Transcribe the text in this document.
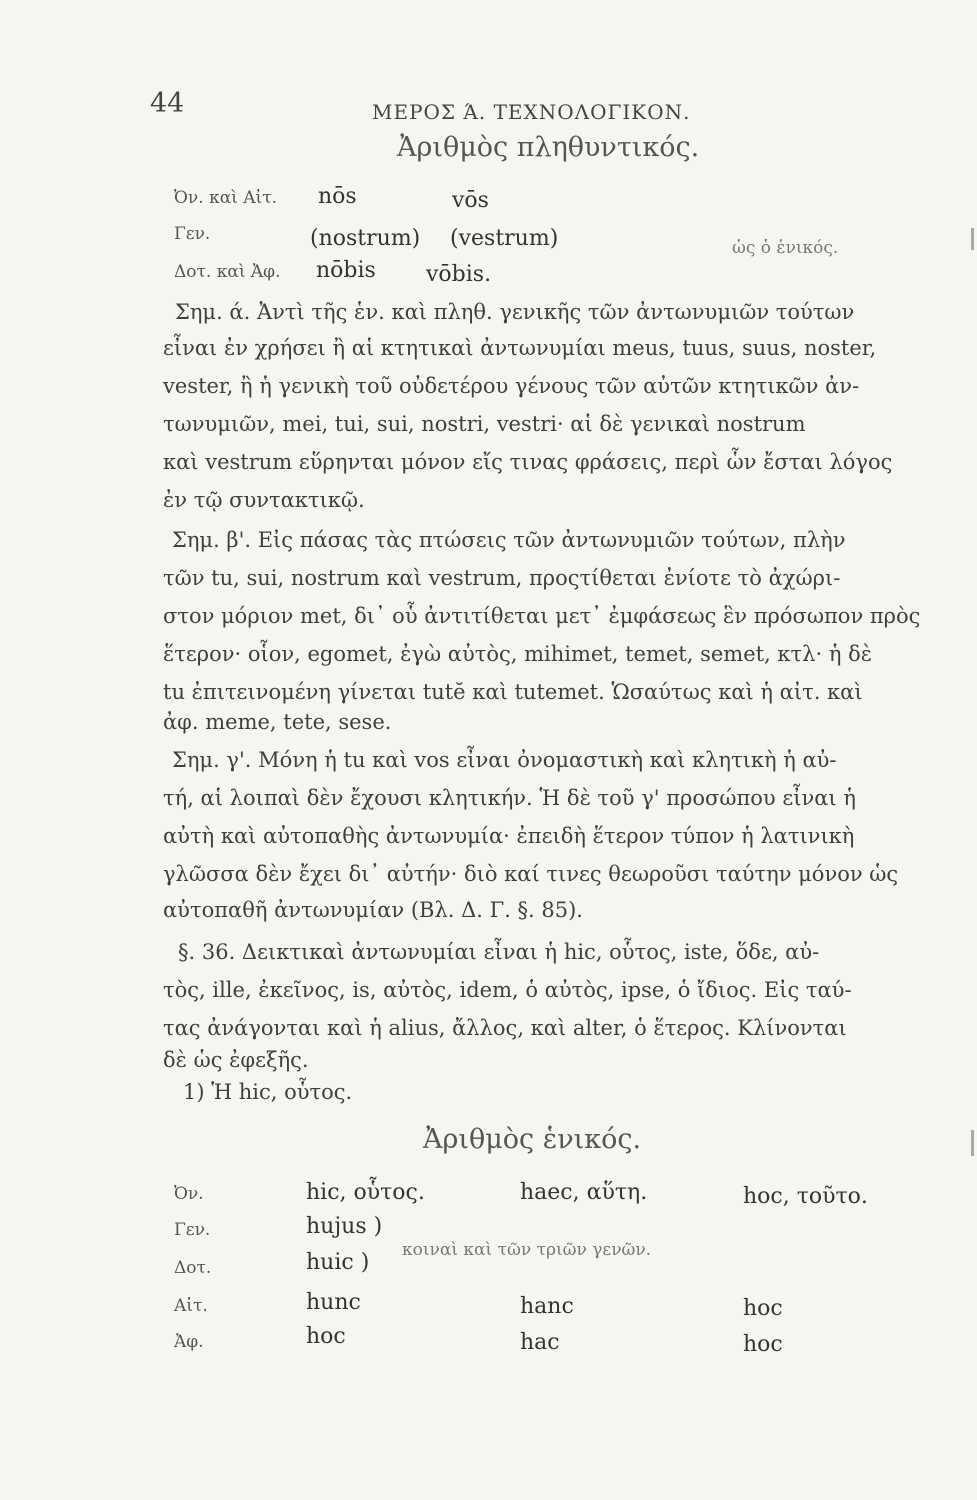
44	ΜΕΡΟΣ Ά. ΤΕΧΝΟΛΟΓΙΚΟΝ.
Ἀριθμὸς πληθυντικός.
Ὀν. καὶ Αἰτ. nōs	vōs
Γεν.	(nostrum) (vestrum)	ὡς ὁ ἑνικός.
Δοτ. καὶ Ἀφ. nōbis vōbis.
Σημ. ά. Ἀντὶ τῆς ἑν. καὶ πληθ. γενικῆς τῶν ἀντωνυμιῶν τούτων
εἶναι ἐν χρήσει ἢ αἱ κτητικαὶ ἀντωνυμίαι meus, tuus, suus, noster,
vester, ἢ ἡ γενικὴ τοῦ οὐδετέρου γένους τῶν αὐτῶν κτητικῶν ἀν-
τωνυμιῶν, mei, tui, sui, nostri, vestri· αἱ δὲ γενικαὶ nostrum
καὶ vestrum εὕρηνται μόνον εἴς τινας φράσεις, περὶ ὧν ἔσται λόγος
ἐν τῷ συντακτικῷ.
Σημ. β'. Εἰς πάσας τὰς πτώσεις τῶν ἀντωνυμιῶν τούτων, πλὴν
τῶν tu, sui, nostrum καὶ vestrum, προςτίθεται ἐνίοτε τὸ ἀχώρι-
στον μόριον met, δι᾽ οὗ ἀντιτίθεται μετ᾽ ἐμφάσεως ἓν πρόσωπον πρὸς
ἕτερον· οἷον, egomet, ἐγὼ αὐτὸς, mihimet, temet, semet, κτλ· ἡ δὲ
tu ἐπιτεινομένη γίνεται tutĕ καὶ tutemet. Ὡσαύτως καὶ ἡ αἰτ. καὶ
ἀφ. meme, tete, sese.
Σημ. γ'. Μόνη ἡ tu καὶ vos εἶναι ὀνομαστικὴ καὶ κλητικὴ ἡ αὐ-
τή, αἱ λοιπαὶ δὲν ἔχουσι κλητικήν. Ἡ δὲ τοῦ γ' προσώπου εἶναι ἡ
αὐτὴ καὶ αὐτοπαθὴς ἀντωνυμία· ἐπειδὴ ἕτερον τύπον ἡ λατινικὴ
γλῶσσα δὲν ἔχει δι᾽ αὐτήν· διὸ καί τινες θεωροῦσι ταύτην μόνον ὡς
αὐτοπαθῆ ἀντωνυμίαν (Βλ. Δ. Γ. §. 85).
§. 36. Δεικτικαὶ ἀντωνυμίαι εἶναι ἡ hic, οὗτος, iste, ὅδε, αὐ-
τὸς, ille, ἐκεῖνος, is, αὐτὸς, idem, ὁ αὐτὸς, ipse, ὁ ἴδιος. Εἰς ταύ-
τας ἀνάγονται καὶ ἡ alius, ἄλλος, καὶ alter, ὁ ἕτερος. Κλίνονται
δὲ ὡς ἐφεξῆς.
1) Ἡ hic, οὗτος.
Ἀριθμὸς ἑνικός.
Ὀν.	hic, οὗτος.	haec, αὕτη.	hoc, τοῦτο.
Γεν.	hujus )
Δοτ.	huic ) κοιναὶ καὶ τῶν τριῶν γενῶν.
Αἰτ.	hunc	hanc	hoc
Ἀφ.	hoc	hac	hoc
